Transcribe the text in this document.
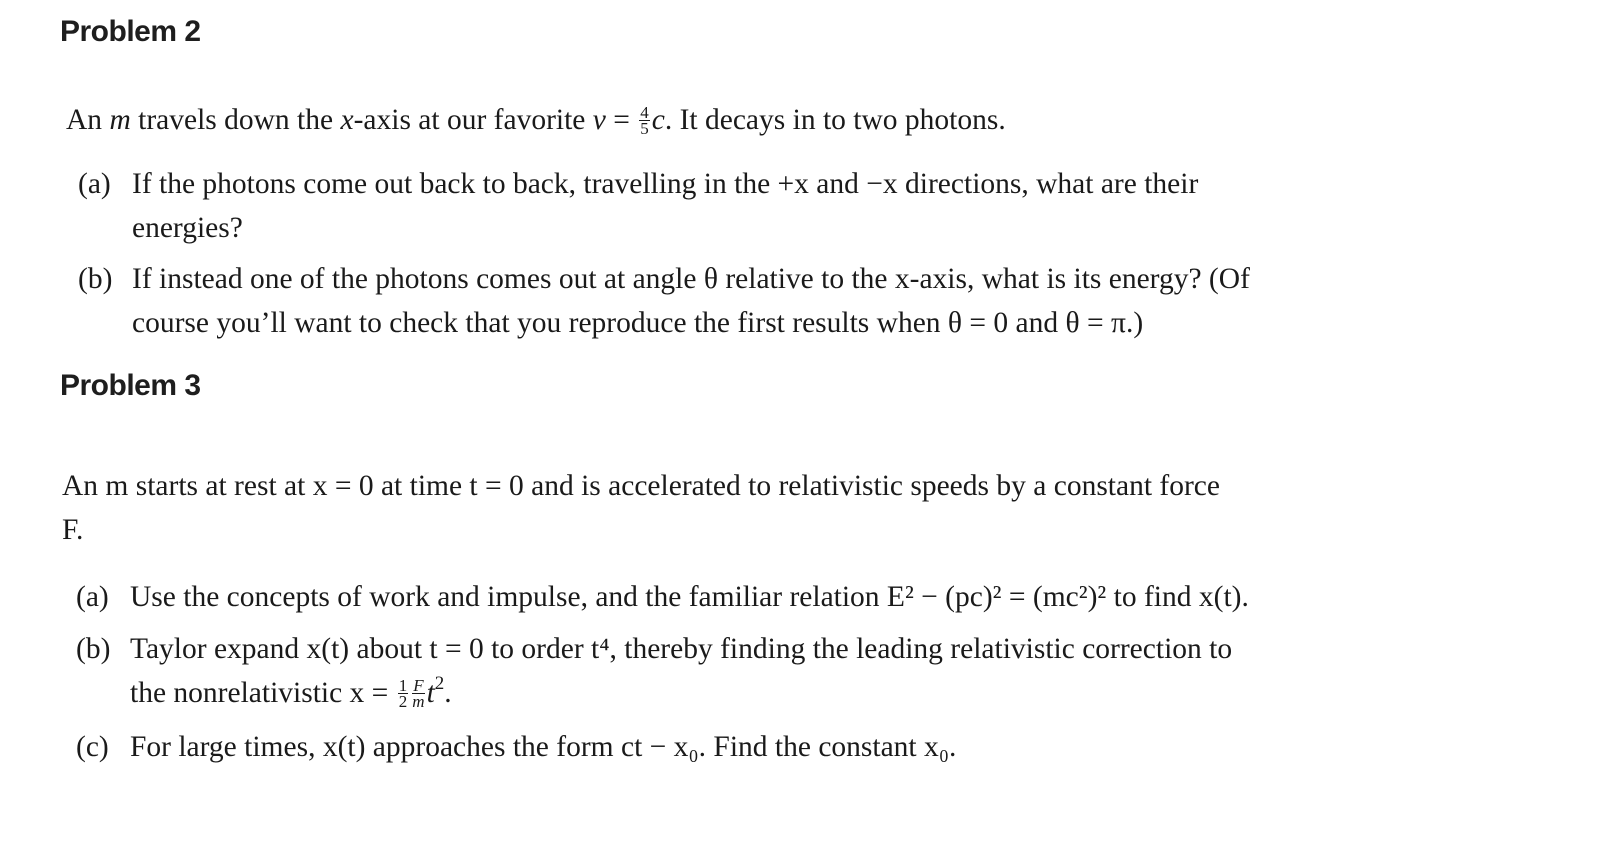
Problem 2

An m travels down the x-axis at our favorite $v = \frac{4}{5} c$. It decays in to two photons.

(a) If the photons come out back to back, travelling in the +x and −x directions, what are their
energies?
(b) If instead one of the photons comes out at angle θ relative to the x-axis, what is its energy? (Of
course you’ll want to check that you reproduce the first results when θ = 0 and θ = π.)
Problem 3
An m starts at rest at x = 0 at time t = 0 and is accelerated to relativistic speeds by a constant force
F.
(a) Use the concepts of work and impulse, and the familiar relation E² − (pc)² = (mc²)² to find x(t).
(b) Taylor expand x(t) about t = 0 to order t⁴, thereby finding the leading relativistic correction to
the nonrelativistic $x = \frac{1}{2} \frac{F}{m} t^2$.
(c) For large times, x(t) approaches the form ct − x₀. Find the constant x₀.
